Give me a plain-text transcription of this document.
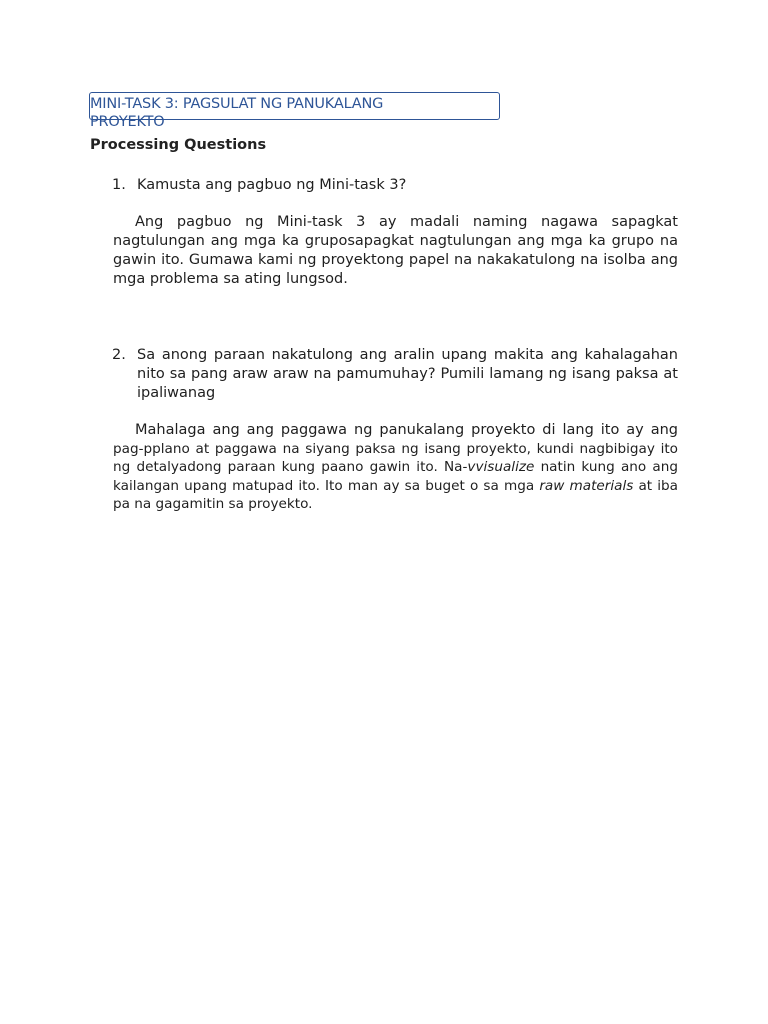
MINI-TASK 3: PAGSULAT NG PANUKALANG PROYEKTO
Processing Questions
1. Kamusta ang pagbuo ng Mini-task 3?
Ang pagbuo ng Mini-task 3 ay madali naming nagawa sapagkat nagtulungan ang mga ka gruposapagkat nagtulungan ang mga ka grupo na gawin ito. Gumawa kami ng proyektong papel na nakakatulong na isolba ang mga problema sa ating lungsod.
2. Sa anong paraan nakatulong ang aralin upang makita ang kahalagahan nito sa pang araw araw na pamumuhay? Pumili lamang ng isang paksa at ipaliwanag
Mahalaga ang ang paggawa ng panukalang proyekto di lang ito ay ang pag-pplano at paggawa na siyang paksa ng isang proyekto, kundi nagbibigay ito ng detalyadong paraan kung paano gawin ito. Na-vvisualize natin kung ano ang kailangan upang matupad ito. Ito man ay sa buget o sa mga raw materials at iba pa na gagamitin sa proyekto.
